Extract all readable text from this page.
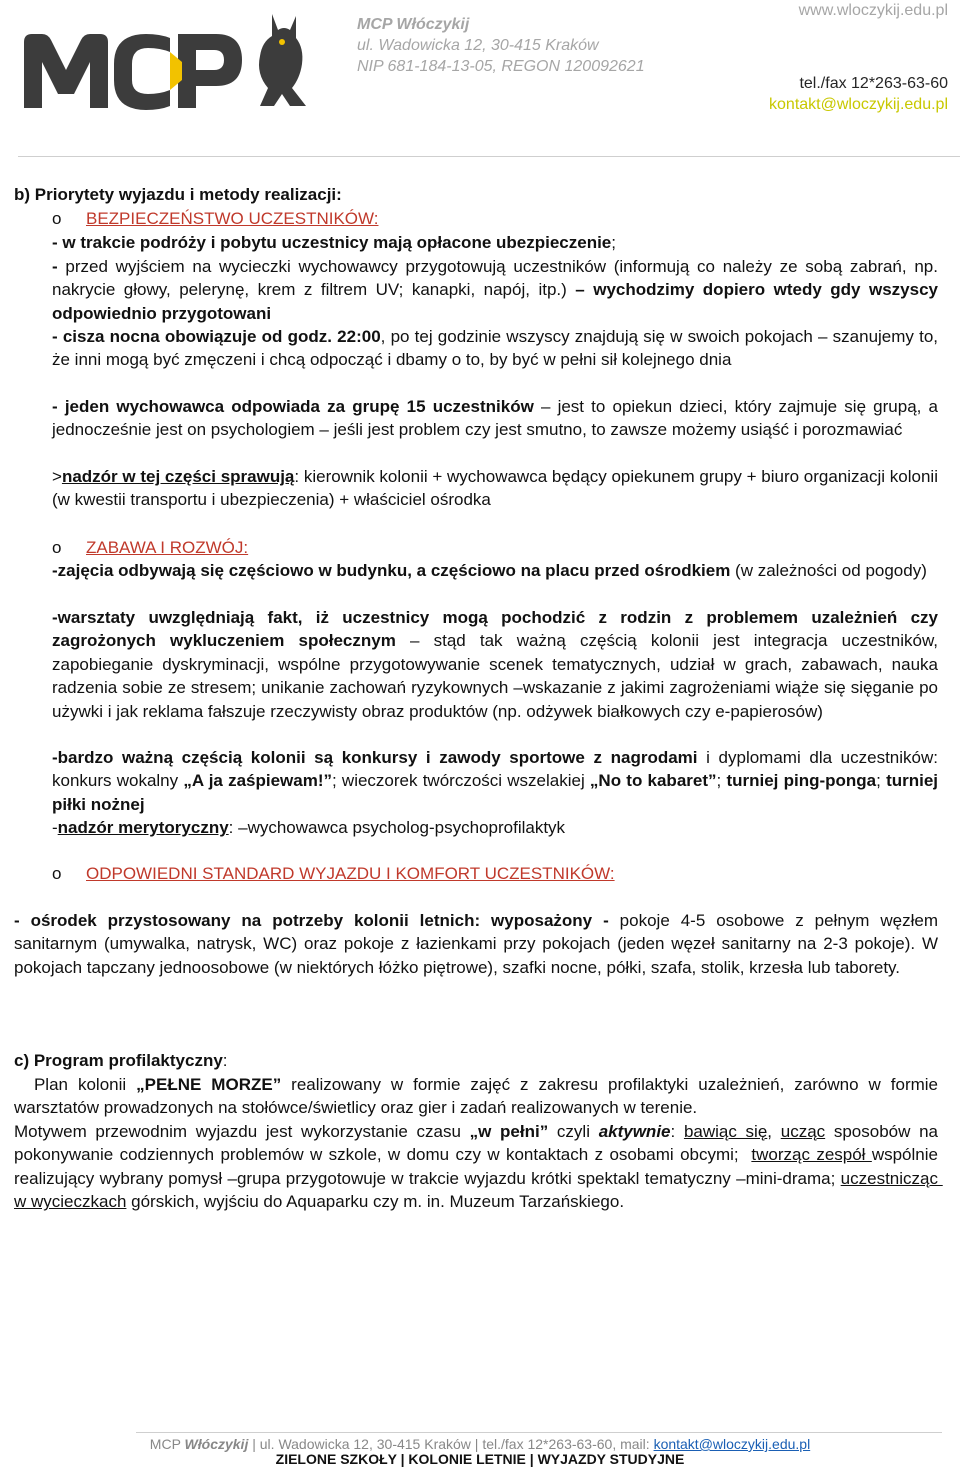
MCP Włóczykij
ul. Wadowicka 12, 30-415 Kraków
NIP 681-184-13-05, REGON 120092621
www.wloczykij.edu.pl
tel./fax 12*263-63-60
kontakt@wloczykij.edu.pl
b) Priorytety wyjazdu i metody realizacji:
o BEZPIECZEŃSTWO UCZESTNIKÓW:
- w trakcie podróży i pobytu uczestnicy mają opłacone ubezpieczenie;
- przed wyjściem na wycieczki wychowawcy przygotowują uczestników (informują co należy ze sobą zabrań, np. nakrycie głowy, pelerynę, krem z filtrem UV; kanapki, napój, itp.) – wychodzimy dopiero wtedy gdy wszyscy odpowiednio przygotowani
- cisza nocna obowiązuje od godz. 22:00, po tej godzinie wszyscy znajdują się w swoich pokojach – szanujemy to, że inni mogą być zmęczeni i chcą odpocząć i dbamy o to, by być w pełni sił kolejnego dnia
- jeden wychowawca odpowiada za grupę 15 uczestników – jest to opiekun dzieci, który zajmuje się grupą, a jednocześnie jest on psychologiem – jeśli jest problem czy jest smutno, to zawsze możemy usiąść i porozmawiać
>nadzór w tej części sprawują: kierownik kolonii + wychowawca będący opiekunem grupy + biuro organizacji kolonii (w kwestii transportu i ubezpieczenia) + właściciel ośrodka
o ZABAWA I ROZWÓJ:
-zajęcia odbywają się częściowo w budynku, a częściowo na placu przed ośrodkiem (w zależności od pogody)
-warsztaty uwzględniają fakt, iż uczestnicy mogą pochodzić z rodzin z problemem uzależnień czy zagrożonych wykluczeniem społecznym – stąd tak ważną częścią kolonii jest integracja uczestników, zapobieganie dyskryminacji, wspólne przygotowywanie scenek tematycznych, udział w grach, zabawach, nauka radzenia sobie ze stresem; unikanie zachowań ryzykownych –wskazanie z jakimi zagrożeniami wiąże się sięganie po używki i jak reklama fałszuje rzeczywisty obraz produktów (np. odżywek białkowych czy e-papierosów)
-bardzo ważną częścią kolonii są konkursy i zawody sportowe z nagrodami i dyplomami dla uczestników: konkurs wokalny „A ja zaśpiewam!”; wieczorek twórczości wszelakiej „No to kabaret”; turniej ping-ponga; turniej piłki nożnej
-nadzór merytoryczny: –wychowawca psycholog-psychoprofilaktyk
o ODPOWIEDNI STANDARD WYJAZDU I KOMFORT UCZESTNIKÓW:
- ośrodek przystosowany na potrzeby kolonii letnich: wyposażony - pokoje 4-5 osobowe z pełnym węzłem sanitarnym (umywalka, natrysk, WC) oraz pokoje z łazienkami przy pokojach (jeden węzeł sanitarny na 2-3 pokoje). W pokojach tapczany jednoosobowe (w niektórych łóżko piętrowe), szafki nocne, półki, szafa, stolik, krzesła lub taborety.
c) Program profilaktyczny:
Plan kolonii „PEŁNE MORZE” realizowany w formie zajęć z zakresu profilaktyki uzależnień, zarówno w formie warsztatów prowadzonych na stołówce/świetlicy oraz gier i zadań realizowanych w terenie.
Motywem przewodnim wyjazdu jest wykorzystanie czasu „w pełni” czyli aktywnie: bawiąc się, ucząc sposobów na pokonywanie codziennych problemów w szkole, w domu czy w kontaktach z osobami obcymi;  tworząc zespół wspólnie realizujący wybrany pomysł –grupa przygotowuje w trakcie wyjazdu krótki spektakl tematyczny –mini-drama; uczestnicząc w wycieczkach górskich, wyjściu do Aquaparku czy m. in. Muzeum Tarzańskiego.
MCP Włóczykij | ul. Wadowicka 12, 30-415 Kraków | tel./fax 12*263-63-60, mail: kontakt@wloczykij.edu.pl
ZIELONE SZKOŁY | KOLONIE LETNIE | WYJAZDY STUDYJNE
